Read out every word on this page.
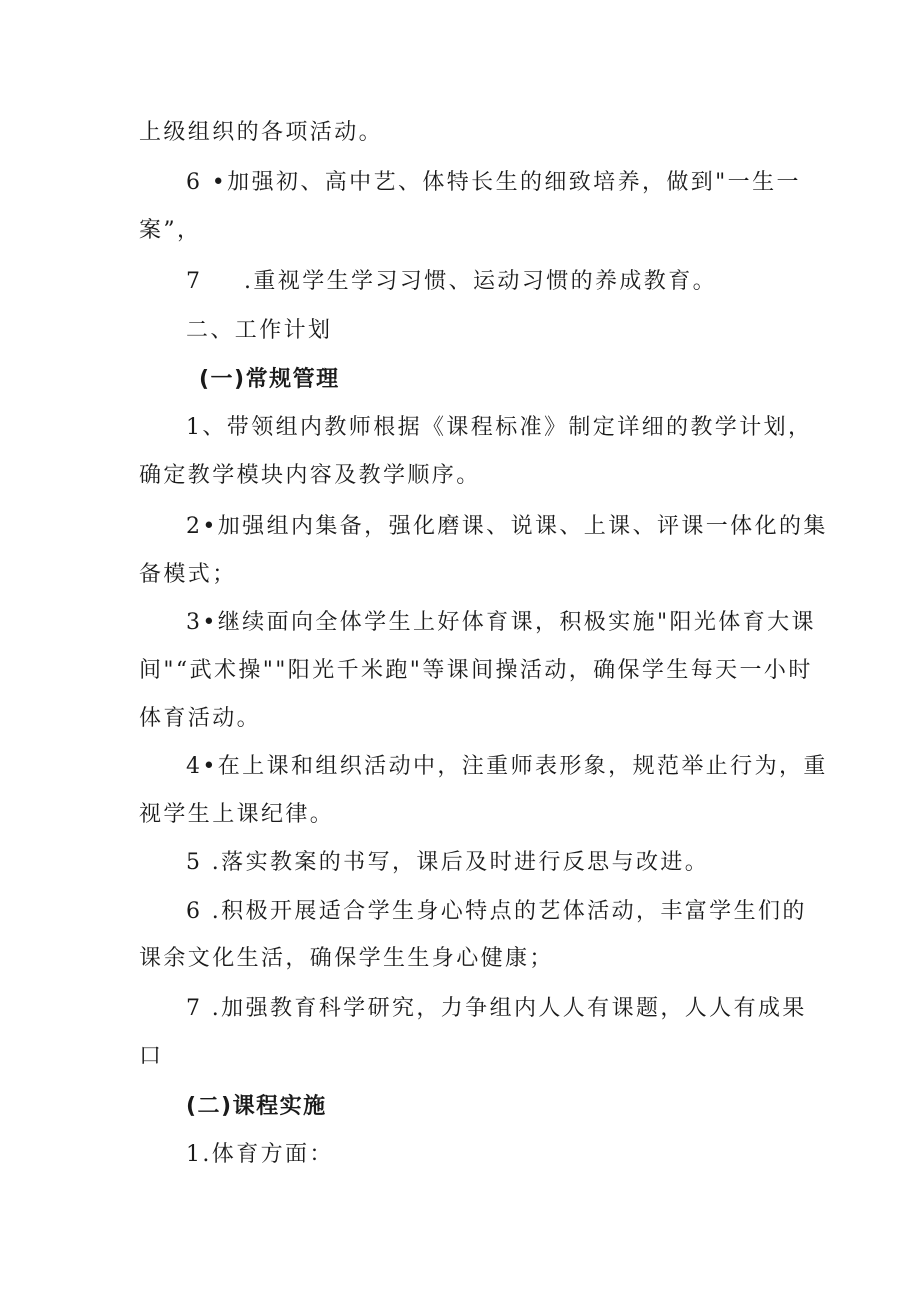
上级组织的各项活动。
6 •加强初、高中艺、体特长生的细致培养，做到"一生一
案”，
7 .重视学生学习习惯、运动习惯的养成教育。
二、工作计划
(一)常规管理
1、带领组内教师根据《课程标准》制定详细的教学计划，
确定教学模块内容及教学顺序。
2•加强组内集备，强化磨课、说课、上课、评课一体化的集
备模式；
3•继续面向全体学生上好体育课，积极实施"阳光体育大课
间"“武术操""阳光千米跑"等课间操活动，确保学生每天一小时
体育活动。
4•在上课和组织活动中，注重师表形象，规范举止行为，重
视学生上课纪律。
5 .落实教案的书写，课后及时进行反思与改进。
6 .积极开展适合学生身心特点的艺体活动，丰富学生们的
课余文化生活，确保学生生身心健康；
7 .加强教育科学研究，力争组内人人有课题，人人有成果
口
(二)课程实施
1.体育方面：
